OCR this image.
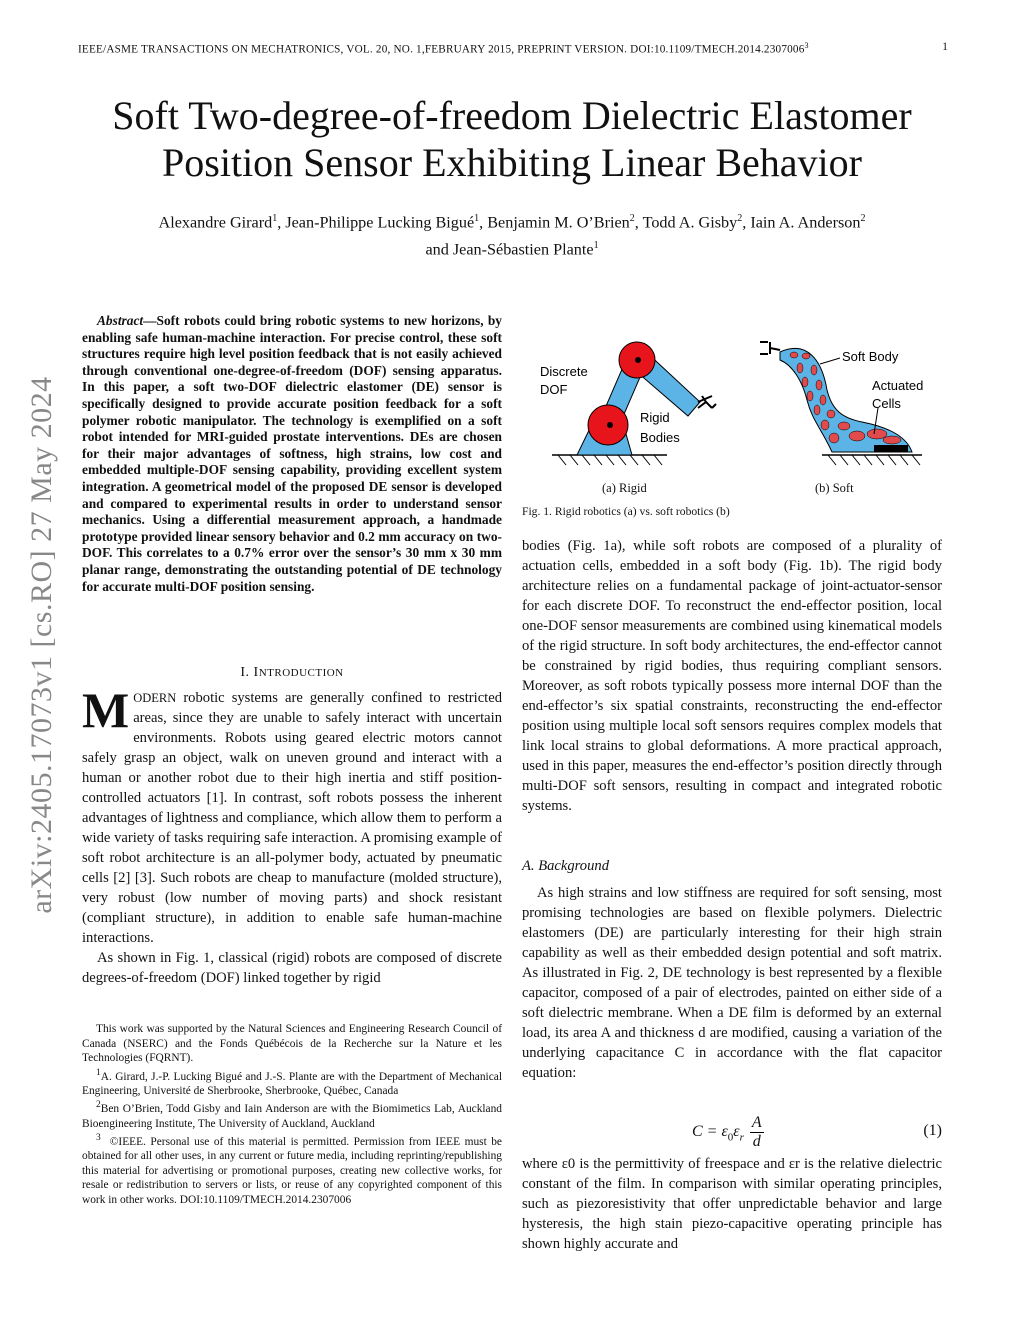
IEEE/ASME TRANSACTIONS ON MECHATRONICS, VOL. 20, NO. 1,FEBRUARY 2015, PREPRINT VERSION. DOI:10.1109/TMECH.2014.2307006$^3$	1
Soft Two-degree-of-freedom Dielectric Elastomer
Position Sensor Exhibiting Linear Behavior
Alexandre Girard$^1$, Jean-Philippe Lucking Bigué$^1$, Benjamin M. O’Brien$^2$, Todd A. Gisby$^2$, Iain A. Anderson$^2$
and Jean-Sébastien Plante$^1$
arXiv:2405.17073v1 [cs.RO] 27 May 2024

Abstract—Soft robots could bring robotic systems to new horizons, by enabling safe human-machine interaction. For precise control, these soft structures require high level position feedback that is not easily achieved through conventional one-degree-of-freedom (DOF) sensing apparatus. In this paper, a soft two-DOF dielectric elastomer (DE) sensor is specifically designed to provide accurate position feedback for a soft polymer robotic manipulator. The technology is exemplified on a soft robot intended for MRI-guided prostate interventions. DEs are chosen for their major advantages of softness, high strains, low cost and embedded multiple-DOF sensing capability, providing excellent system integration. A geometrical model of the proposed DE sensor is developed and compared to experimental results in order to understand sensor mechanics. Using a differential measurement approach, a handmade prototype provided linear sensory behavior and 0.2 mm accuracy on two-DOF. This correlates to a 0.7% error over the sensor’s 30 mm x 30 mm planar range, demonstrating the outstanding potential of DE technology for accurate multi-DOF position sensing.

I. INTRODUCTION

MODERN robotic systems are generally confined to restricted areas, since they are unable to safely interact with uncertain environments. Robots using geared electric motors cannot safely grasp an object, walk on uneven ground and interact with a human or another robot due to their high inertia and stiff position-controlled actuators [1]. In contrast, soft robots possess the inherent advantages of lightness and compliance, which allow them to perform a wide variety of tasks requiring safe interaction. A promising example of soft robot architecture is an all-polymer body, actuated by pneumatic cells [2] [3]. Such robots are cheap to manufacture (molded structure), very robust (low number of moving parts) and shock resistant (compliant structure), in addition to enable safe human-machine interactions.

As shown in Fig. 1, classical (rigid) robots are composed of discrete degrees-of-freedom (DOF) linked together by rigid

This work was supported by the Natural Sciences and Engineering Research Council of Canada (NSERC) and the Fonds Québécois de la Recherche sur la Nature et les Technologies (FQRNT).

$^1$A. Girard, J.-P. Lucking Bigué and J.-S. Plante are with the Department of Mechanical Engineering, Université de Sherbrooke, Sherbrooke, Québec, Canada

$^2$Ben O’Brien, Todd Gisby and Iain Anderson are with the Biomimetics Lab, Auckland Bioengineering Institute, The University of Auckland, Auckland

$^3$ ©IEEE. Personal use of this material is permitted. Permission from IEEE must be obtained for all other uses, in any current or future media, including reprinting/republishing this material for advertising or promotional purposes, creating new collective works, for resale or redistribution to servers or lists, or reuse of any copyrighted component of this work in other works. DOI:10.1109/TMECH.2014.2307006

Discrete
DOF
Rigid
Bodies
Soft Body
Actuated
Cells
(a) Rigid	(b) Soft
Fig. 1. Rigid robotics (a) vs. soft robotics (b)
bodies (Fig. 1a), while soft robots are composed of a plurality of actuation cells, embedded in a soft body (Fig. 1b). The rigid body architecture relies on a fundamental package of joint-actuator-sensor for each discrete DOF. To reconstruct the end-effector position, local one-DOF sensor measurements are combined using kinematical models of the rigid structure. In soft body architectures, the end-effector cannot be constrained by rigid bodies, thus requiring compliant sensors. Moreover, as soft robots typically possess more internal DOF than the end-effector’s six spatial constraints, reconstructing the end-effector position using multiple local soft sensors requires complex models that link local strains to global deformations. A more practical approach, used in this paper, measures the end-effector’s position directly through multi-DOF soft sensors, resulting in compact and integrated robotic systems.
A. Background
As high strains and low stiffness are required for soft sensing, most promising technologies are based on flexible polymers. Dielectric elastomers (DE) are particularly interesting for their high strain capability as well as their embedded design potential and soft matrix. As illustrated in Fig. 2, DE technology is best represented by a flexible capacitor, composed of a pair of electrodes, painted on either side of a soft dielectric membrane. When a DE film is deformed by an external load, its area A and thickness d are modified, causing a variation of the underlying capacitance C in accordance with the flat capacitor equation:
$C = \varepsilon_0\varepsilon_r \frac{A}{d}$	(1)
where ε0 is the permittivity of freespace and εr is the relative dielectric constant of the film. In comparison with similar operating principles, such as piezoresistivity that offer unpredictable behavior and large hysteresis, the high stain piezo-capacitive operating principle has shown highly accurate and
